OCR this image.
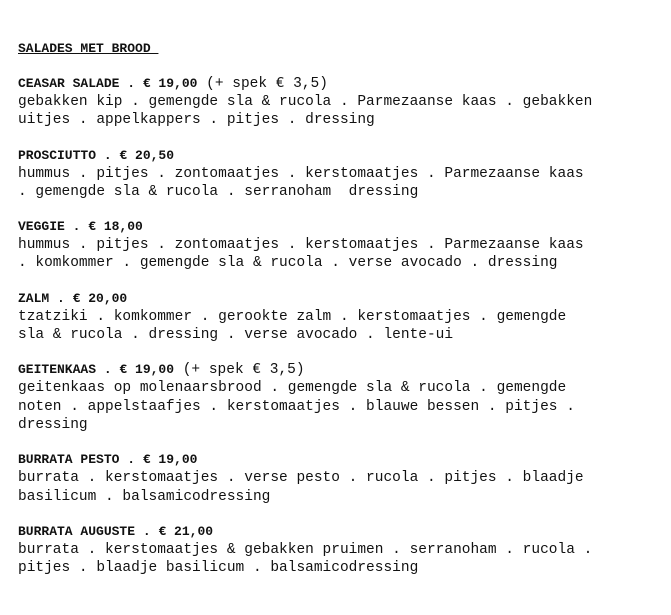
SALADES MET BROOD
CEASAR SALADE . € 19,00 (+ spek € 3,5)
gebakken kip . gemengde sla & rucola . Parmezaanse kaas . gebakken
uitjes . appelkappers . pitjes . dressing
PROSCIUTTO . € 20,50
hummus . pitjes . zontomaatjes . kerstomaatjes . Parmezaanse kaas
. gemengde sla & rucola . serranoham  dressing
VEGGIE . € 18,00
hummus . pitjes . zontomaatjes . kerstomaatjes . Parmezaanse kaas
. komkommer . gemengde sla & rucola . verse avocado . dressing
ZALM . € 20,00
tzatziki . komkommer . gerookte zalm . kerstomaatjes . gemengde
sla & rucola . dressing . verse avocado . lente-ui
GEITENKAAS . € 19,00 (+ spek € 3,5)
geitenkaas op molenaarsbrood . gemengde sla & rucola . gemengde
noten . appelstaafjes . kerstomaatjes . blauwe bessen . pitjes .
dressing
BURRATA PESTO . € 19,00
burrata . kerstomaatjes . verse pesto . rucola . pitjes . blaadje
basilicum . balsamicodressing
BURRATA AUGUSTE . € 21,00
burrata . kerstomaatjes & gebakken pruimen . serranoham . rucola .
pitjes . blaadje basilicum . balsamicodressing
